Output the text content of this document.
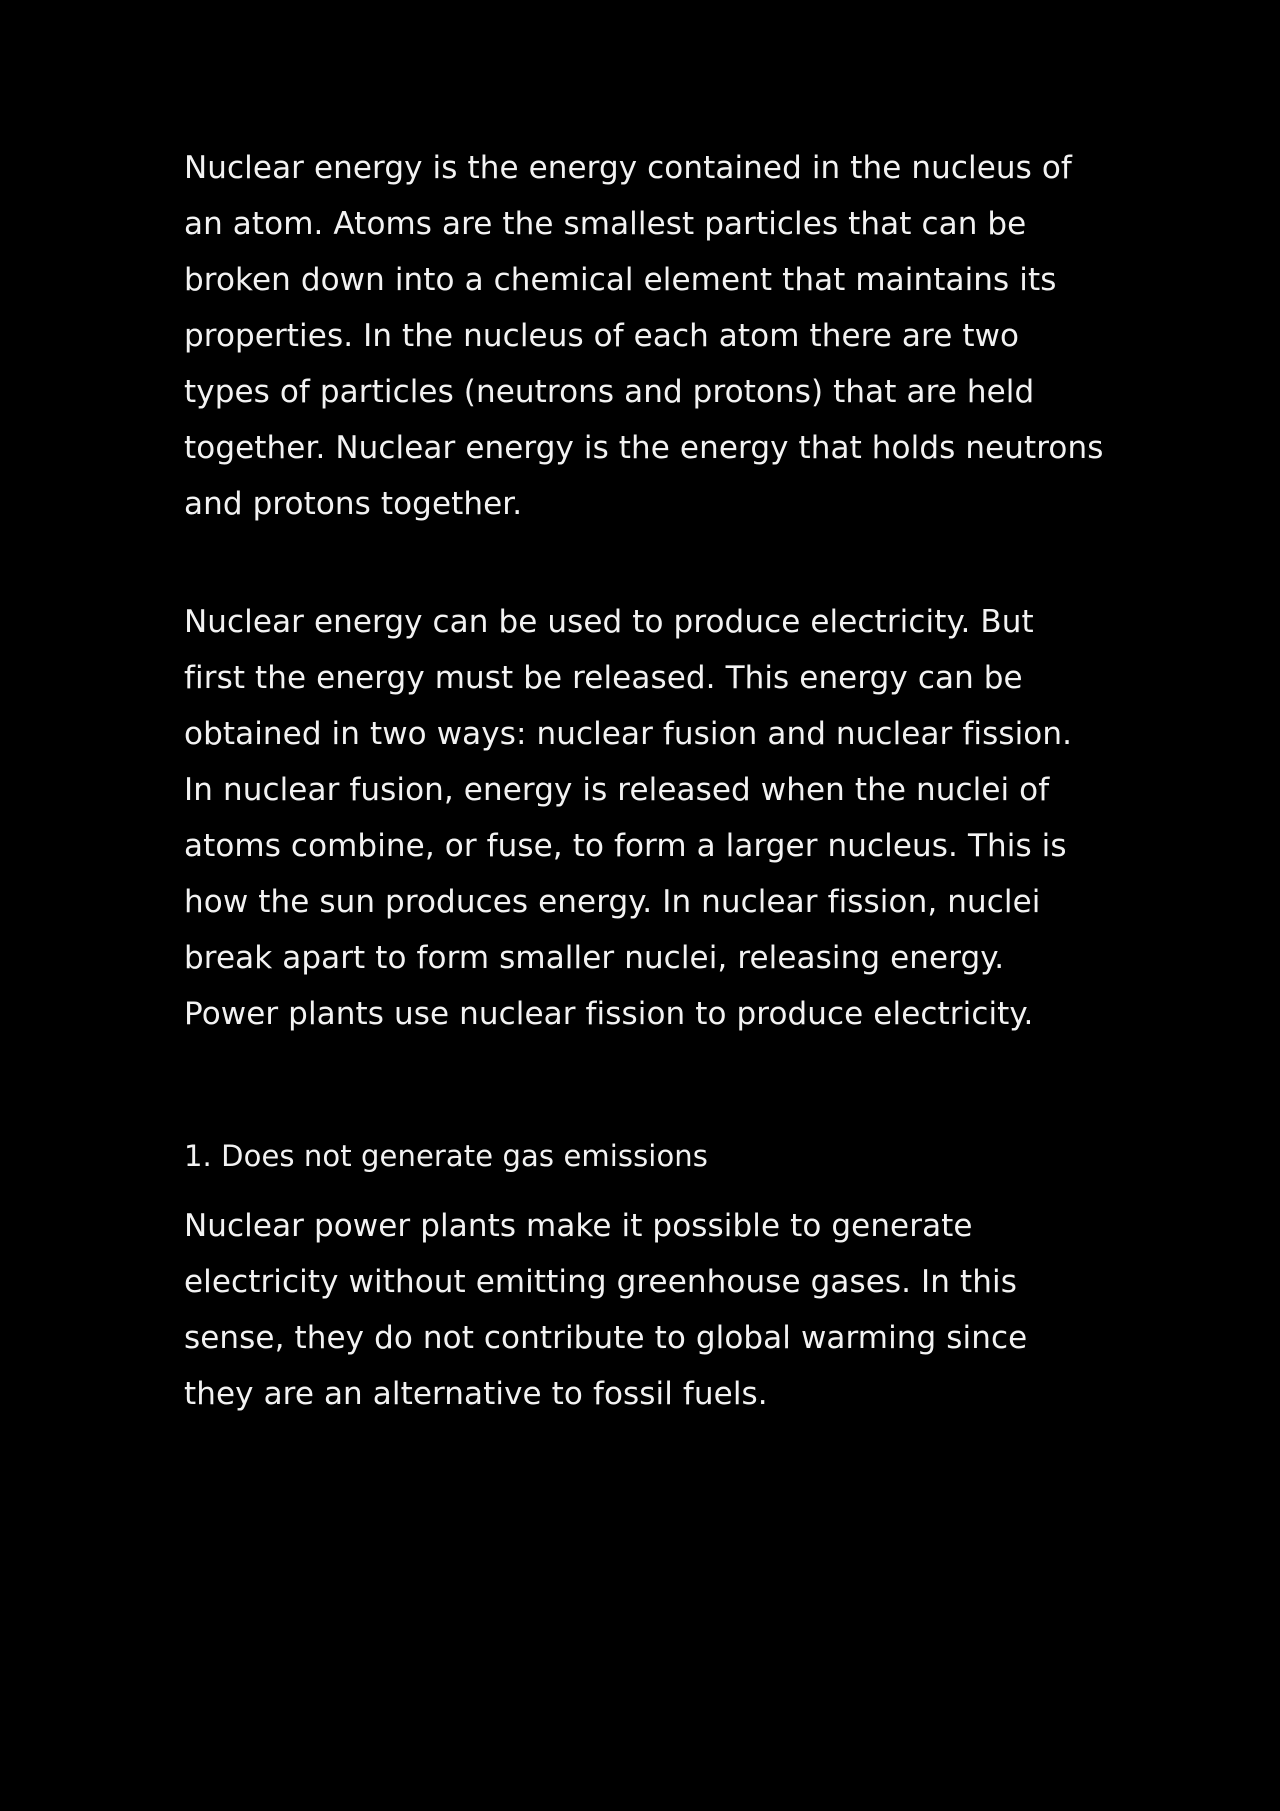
Nuclear energy is the energy contained in the nucleus of an atom. Atoms are the smallest particles that can be broken down into a chemical element that maintains its properties. In the nucleus of each atom there are two types of particles (neutrons and protons) that are held together. Nuclear energy is the energy that holds neutrons and protons together.

Nuclear energy can be used to produce electricity. But first the energy must be released. This energy can be obtained in two ways: nuclear fusion and nuclear fission. In nuclear fusion, energy is released when the nuclei of atoms combine, or fuse, to form a larger nucleus. This is how the sun produces energy. In nuclear fission, nuclei break apart to form smaller nuclei, releasing energy. Power plants use nuclear fission to produce electricity.

1. Does not generate gas emissions

Nuclear power plants make it possible to generate electricity without emitting greenhouse gases. In this sense, they do not contribute to global warming since they are an alternative to fossil fuels.
